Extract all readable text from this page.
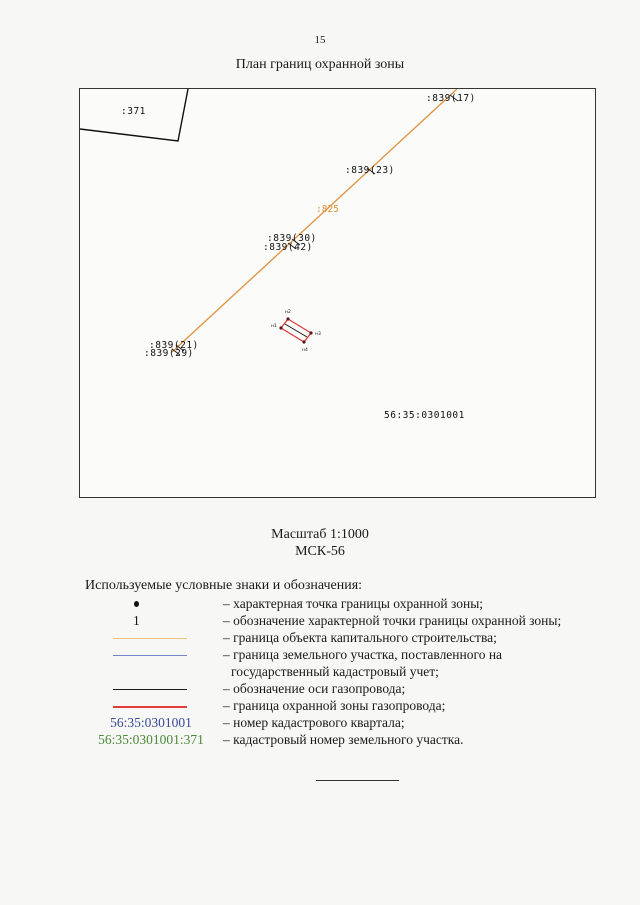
15
План границ охранной зоны
:371
:839(17)
:839(23)
:825
:839(30)
:839(42)
:839(21)
:839(29)
н1
н2
н3
н4
56:35:0301001
Масштаб 1:1000
МСК-56
Используемые условные знаки и обозначения:
– характерная точка границы охранной зоны;
1	– обозначение характерной точки границы охранной зоны;
– граница объекта капитального строительства;
– граница земельного участка, поставленного на
государственный кадастровый учет;
– обозначение оси газопровода;
– граница охранной зоны газопровода;
56:35:0301001	– номер кадастрового квартала;
56:35:0301001:371	– кадастровый номер земельного участка.
